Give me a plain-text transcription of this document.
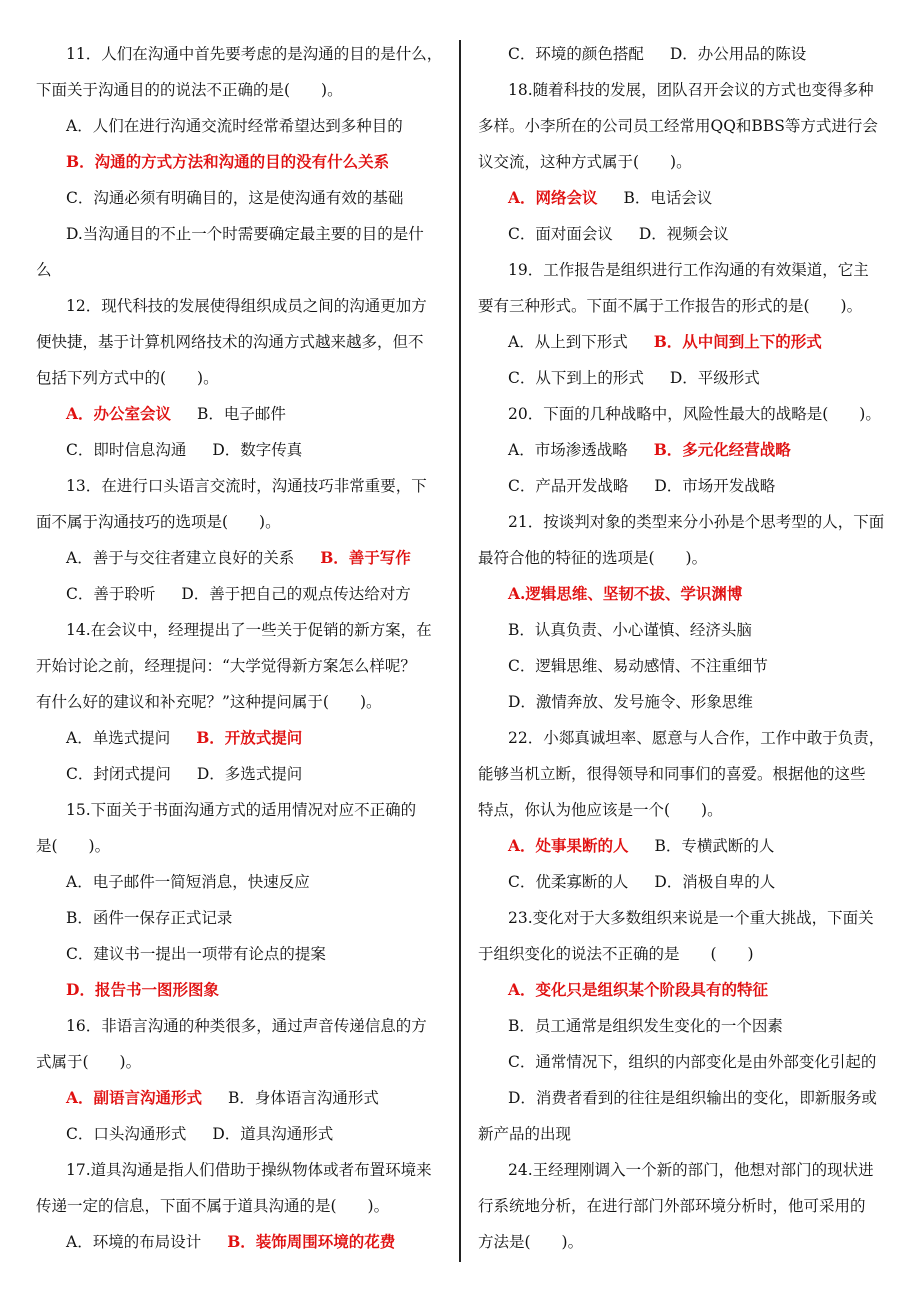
11．人们在沟通中首先要考虑的是沟通的目的是什么，
下面关于沟通目的的说法不正确的是(　　)。
A．人们在进行沟通交流时经常希望达到多种目的
B．沟通的方式方法和沟通的目的没有什么关系
C．沟通必须有明确目的，这是使沟通有效的基础
D.当沟通目的不止一个时需要确定最主要的目的是什
么
12．现代科技的发展使得组织成员之间的沟通更加方
便快捷，基于计算机网络技术的沟通方式越来越多，但不
包括下列方式中的(　　)。
A．办公室会议 B．电子邮件
C．即时信息沟通 D．数字传真
13．在进行口头语言交流时，沟通技巧非常重要，下
面不属于沟通技巧的选项是(　　)。
A．善于与交往者建立良好的关系 B．善于写作
C．善于聆听 D．善于把自己的观点传达给对方
14.在会议中，经理提出了一些关于促销的新方案，在
开始讨论之前，经理提问：“大学觉得新方案怎么样呢？
有什么好的建议和补充呢？”这种提问属于(　　)。
A．单选式提问 B．开放式提问
C．封闭式提问 D．多选式提问
15.下面关于书面沟通方式的适用情况对应不正确的
是(　　)。
A．电子邮件一简短消息，快速反应
B．函件一保存正式记录
C．建议书一提出一项带有论点的提案
D．报告书一图形图象
16．非语言沟通的种类很多，通过声音传递信息的方
式属于(　　)。
A．副语言沟通形式 B．身体语言沟通形式
C．口头沟通形式 D．道具沟通形式
17.道具沟通是指人们借助于操纵物体或者布置环境来
传递一定的信息，下面不属于道具沟通的是(　　)。
A．环境的布局设计 B．装饰周围环境的花费
C．环境的颜色搭配 D．办公用品的陈设
18.随着科技的发展，团队召开会议的方式也变得多种
多样。小李所在的公司员工经常用QQ和BBS等方式进行会
议交流，这种方式属于(　　)。
A．网络会议 B．电话会议
C．面对面会议 D．视频会议
19．工作报告是组织进行工作沟通的有效渠道，它主
要有三种形式。下面不属于工作报告的形式的是(　　)。
A．从上到下形式 B．从中间到上下的形式
C．从下到上的形式 D．平级形式
20．下面的几种战略中，风险性最大的战略是(　　)。
A．市场渗透战略 B．多元化经营战略
C．产品开发战略 D．市场开发战略
21．按谈判对象的类型来分小孙是个思考型的人，下面
最符合他的特征的选项是(　　)。
A.逻辑思维、坚韧不拔、学识渊博
B．认真负责、小心谨慎、经济头脑
C．逻辑思维、易动感情、不注重细节
D．激情奔放、发号施令、形象思维
22．小郯真诚坦率、愿意与人合作，工作中敢于负责，
能够当机立断，很得领导和同事们的喜爱。根据他的这些
特点，你认为他应该是一个(　　)。
A．处事果断的人 B．专横武断的人
C．优柔寡断的人 D．消极自卑的人
23.变化对于大多数组织来说是一个重大挑战，下面关
于组织变化的说法不正确的是　　(　　)
A．变化只是组织某个阶段具有的特征
B．员工通常是组织发生变化的一个因素
C．通常情况下，组织的内部变化是由外部变化引起的
D．消费者看到的往往是组织输出的变化，即新服务或
新产品的出现
24.王经理刚调入一个新的部门，他想对部门的现状进
行系统地分析，在进行部门外部环境分析时，他可采用的
方法是(　　)。
